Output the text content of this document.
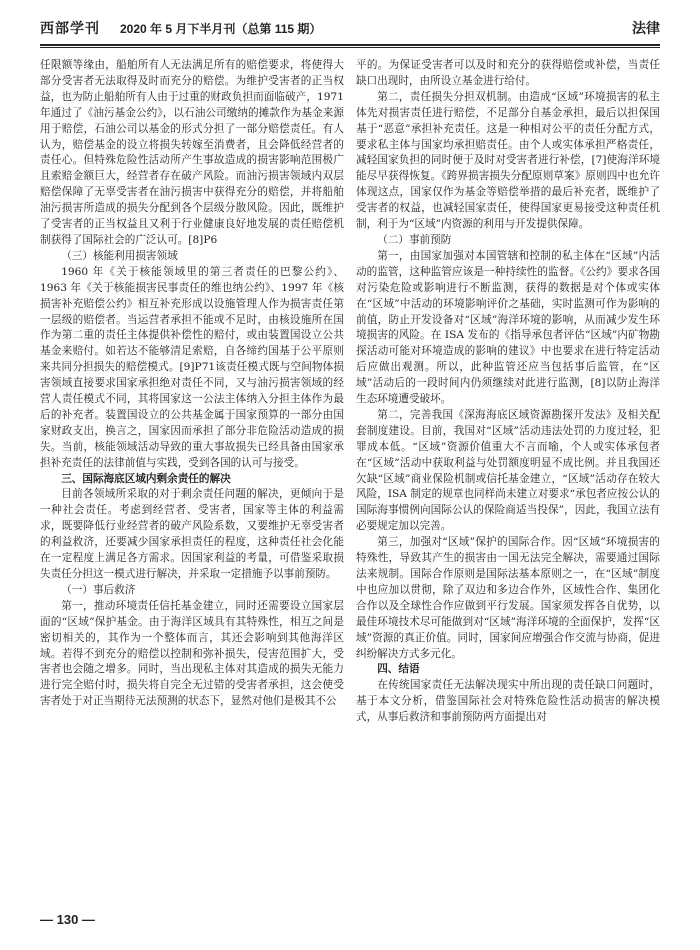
西部学刊 2020 年 5 月下半月刊（总第 115 期）	法律

任限额等缘由，船舶所有人无法满足所有的赔偿要求，将使得大部分受害者无法取得及时而充分的赔偿。为维护受害者的正当权益，也为防止船舶所有人由于过重的财政负担而面临破产，1971 年通过了《油污基金公约》，以石油公司缴纳的摊款作为基金来源用于赔偿，石油公司以基金的形式分担了一部分赔偿责任。有人认为，赔偿基金的设立将损失转嫁至消费者，且会降低经营者的责任心。但特殊危险性活动所产生事故造成的损害影响范围极广且索赔金额巨大，经营者存在破产风险。而油污损害领域内双层赔偿保障了无辜受害者在油污损害中获得充分的赔偿，并将船舶油污损害所造成的损失分配到各个层级分散风险。因此，既维护了受害者的正当权益且又利于行业健康良好地发展的责任赔偿机制获得了国际社会的广泛认可。[8]P6

（三）核能利用损害领域

1960 年《关于核能领域里的第三者责任的巴黎公约》、1963 年《关于核能损害民事责任的维也纳公约》、1997 年《核损害补充赔偿公约》相互补充形成以设施管理人作为损害责任第一层级的赔偿者。当运营者承担不能或不足时，由核设施所在国作为第二重的责任主体提供补偿性的赔付，或由装置国设立公共基金来赔付。如若达不能够清足索赔，自各缔约国基于公平原则来共同分担损失的赔偿模式。[9]P71该责任模式既与空间物体损害领域直接要求国家承担绝对责任不同，又与油污损害领域的经营人责任模式不同，其将国家这一公法主体纳入分担主体作为最后的补充者。装置国设立的公共基金属于国家预算的一部分由国家财政支出，换言之，国家因而承担了部分非危险活动造成的损失。当前，核能领域活动导致的重大事故损失已经具备由国家承担补充责任的法律前值与实践，受到各国的认可与接受。

三、国际海底区域内剩余责任的解决

目前各领域所采取的对于剩余责任问题的解决，更倾向于是一种社会责任。考虑到经营者、受害者，国家等主体的利益需求，既要降低行业经营者的破产风险系数，又要维护无辜受害者的利益救济，还要减少国家承担责任的程度，这种责任社会化能在一定程度上满足各方需求。因国家利益的考量，可借鉴采取损失责任分担这一模式进行解决，并采取一定措施予以事前预防。

（一）事后救济

第一，推动环境责任信托基金建立，同时还需要设立国家层面的“区域”保护基金。由于海洋区域具有其特殊性，相互之间是密切相关的，其作为一个整体而言，其还会影响到其他海洋区域。若得不到充分的赔偿以控制和弥补损失，侵害范围扩大，受害者也会随之增多。同时，当出现私主体对其造成的损失无能力进行完全赔付时，损失将自完全无过错的受害者承担，这会使受害者处于对正当期待无法预测的状态下，显然对他们是极其不公

平的。为保证受害者可以及时和充分的获得赔偿或补偿，当责任缺口出现时，由所设立基金进行给付。

第二，责任损失分担双机制。由造成“区域”环境损害的私主体先对损害责任进行赔偿，不足部分自基金承担，最后以担保国基于“恶意”承担补充责任。这是一种相对公平的责任分配方式，要求私主体与国家均承担赔责任。由个人或实体承担严格责任，减轻国家负担的同时便于及时对受害者进行补偿，[7]使海洋环境能尽早获得恢复。《跨界损害损失分配原则草案》原则四中也允许体现这点，国家仅作为基金等赔偿举措的最后补充者，既维护了受害者的权益，也减轻国家责任，使得国家更易接受这种责任机制，利于为“区域”内资源的利用与开发提供保障。

（二）事前预防

第一，由国家加强对本国管辖和控制的私主体在“区域”内活动的监管，这种监管应该是一种持续性的监督。《公约》要求各国对污染危险或影响进行不断监测，获得的数据是对个体或实体在“区域”中活动的环境影响评价之基础，实时监测可作为影响的前值，防止开发设备对“区域”海洋环境的影响，从而减少发生环境损害的风险。在 ISA 发布的《指导承包者评估“区域”内矿物勘探活动可能对环境造成的影响的建议》中也要求在进行特定活动后应做出观测。所以，此种监管还应当包括事后监管，在“区域”活动后的一段时间内仍须继续对此进行监测，[8]以防止海洋生态环境遭受破坏。

第二，完善我国《深海海底区域资源勘探开发法》及相关配套制度建设。目前，我国对“区域”活动违法处罚的力度过轻，犯罪成本低。“区域”资源价值重大不言而喻，个人或实体承包者在“区域”活动中获取利益与处罚额度明显不成比例。并且我国还欠缺“区域”商业保险机制或信托基金建立，“区域”活动存在较大风险，ISA 制定的规章也同样尚未建立对要求“承包者应按公认的国际海事惯例向国际公认的保险商适当投保”，因此，我国立法有必要规定加以完善。

第三，加强对“区域”保护的国际合作。因“区域”环境损害的特殊性，导致其产生的损害由一国无法完全解决，需要通过国际法来规制。国际合作原则是国际法基本原则之一，在“区域”制度中也应加以贯彻，除了双边和多边合作外，区域性合作、集团化合作以及全球性合作应做到平行发展。国家须发挥各自优势，以最佳环境技术尽可能做到对“区域”海洋环境的全面保护，发挥“区域”资源的真正价值。同时，国家间应增强合作交流与协商，促进纠纷解决方式多元化。

四、结语

在传统国家责任无法解决现实中所出现的责任缺口问题时，基于本文分析，借鉴国际社会对特殊危险性活动损害的解决模式，从事后救济和事前预防两方面提出对

— 130 —
